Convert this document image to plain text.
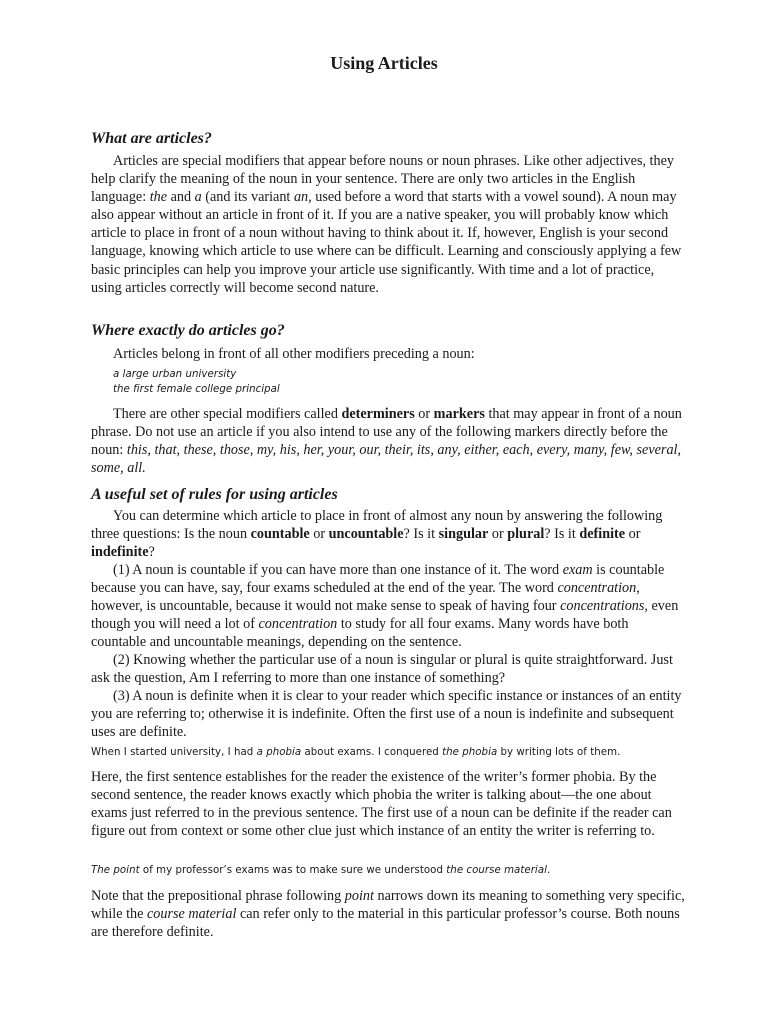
Using Articles
What are articles?

Articles are special modifiers that appear before nouns or noun phrases. Like other adjectives, they help clarify the meaning of the noun in your sentence. There are only two articles in the English language: the and a (and its variant an, used before a word that starts with a vowel sound). A noun may also appear without an article in front of it. If you are a native speaker, you will probably know which article to place in front of a noun without having to think about it. If, however, English is your second language, knowing which article to use where can be difficult. Learning and consciously applying a few basic principles can help you improve your article use significantly. With time and a lot of practice, using articles correctly will become second nature.

Where exactly do articles go?

Articles belong in front of all other modifiers preceding a noun:

a large urban university
the first female college principal

There are other special modifiers called determiners or markers that may appear in front of a noun phrase. Do not use an article if you also intend to use any of the following markers directly before the noun: this, that, these, those, my, his, her, your, our, their, its, any, either, each, every, many, few, several, some, all.

A useful set of rules for using articles

You can determine which article to place in front of almost any noun by answering the following three questions: Is the noun countable or uncountable? Is it singular or plural? Is it definite or indefinite?

(1) A noun is countable if you can have more than one instance of it. The word exam is countable because you can have, say, four exams scheduled at the end of the year. The word concentration, however, is uncountable, because it would not make sense to speak of having four concentrations, even though you will need a lot of concentration to study for all four exams. Many words have both countable and uncountable meanings, depending on the sentence.

(2) Knowing whether the particular use of a noun is singular or plural is quite straightforward. Just ask the question, Am I referring to more than one instance of something?

(3) A noun is definite when it is clear to your reader which specific instance or instances of an entity you are referring to; otherwise it is indefinite. Often the first use of a noun is indefinite and subsequent uses are definite.

When I started university, I had a phobia about exams. I conquered the phobia by writing lots of them.

Here, the first sentence establishes for the reader the existence of the writer’s former phobia. By the second sentence, the reader knows exactly which phobia the writer is talking about—the one about exams just referred to in the previous sentence. The first use of a noun can be definite if the reader can figure out from context or some other clue just which instance of an entity the writer is referring to.

The point of my professor’s exams was to make sure we understood the course material.

Note that the prepositional phrase following point narrows down its meaning to something very specific, while the course material can refer only to the material in this particular professor’s course. Both nouns are therefore definite.
